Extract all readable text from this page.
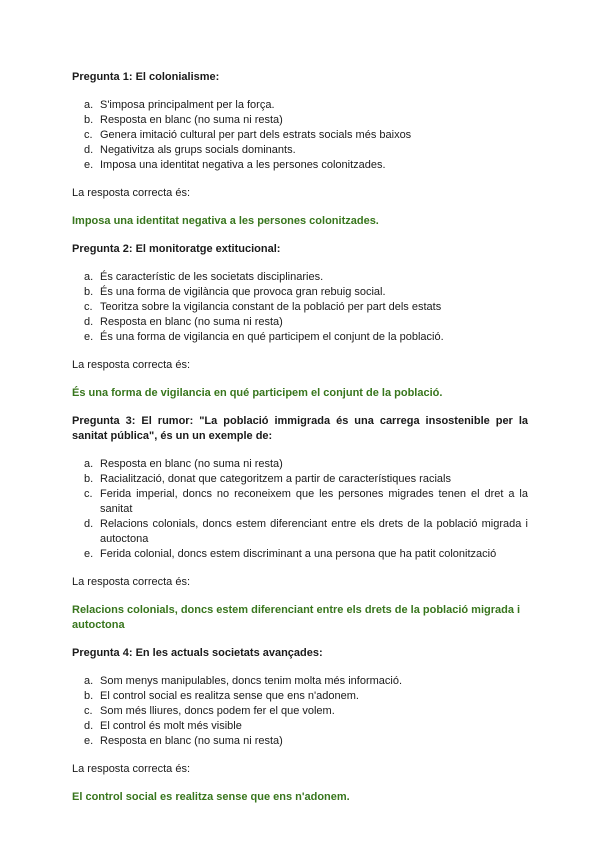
Pregunta 1: El colonialisme:

a. S'imposa principalment per la força.
b. Resposta en blanc (no suma ni resta)
c. Genera imitació cultural per part dels estrats socials més baixos
d. Negativitza als grups socials dominants.
e. Imposa una identitat negativa a les persones colonitzades.

La resposta correcta és:

Imposa una identitat negativa a les persones colonitzades.

Pregunta 2: El monitoratge extitucional:

a. És característic de les societats disciplinaries.
b. És una forma de vigilància que provoca gran rebuig social.
c. Teoritza sobre la vigilancia constant de la població per part dels estats
d. Resposta en blanc (no suma ni resta)
e. És una forma de vigilancia en qué participem el conjunt de la població.

La resposta correcta és:

És una forma de vigilancia en qué participem el conjunt de la població.

Pregunta 3: El rumor: "La població immigrada és una carrega insostenible per la sanitat pública", és un un exemple de:

a. Resposta en blanc (no suma ni resta)
b. Racialització, donat que categoritzem a partir de característiques racials
c. Ferida imperial, doncs no reconeixem que les persones migrades tenen el dret a la sanitat
d. Relacions colonials, doncs estem diferenciant entre els drets de la població migrada i autoctona
e. Ferida colonial, doncs estem discriminant a una persona que ha patit colonització

La resposta correcta és:

Relacions colonials, doncs estem diferenciant entre els drets de la població migrada i autoctona

Pregunta 4: En les actuals societats avançades:

a. Som menys manipulables, doncs tenim molta més informació.
b. El control social es realitza sense que ens n'adonem.
c. Som més lliures, doncs podem fer el que volem.
d. El control és molt més visible
e. Resposta en blanc (no suma ni resta)

La resposta correcta és:

El control social es realitza sense que ens n'adonem.
